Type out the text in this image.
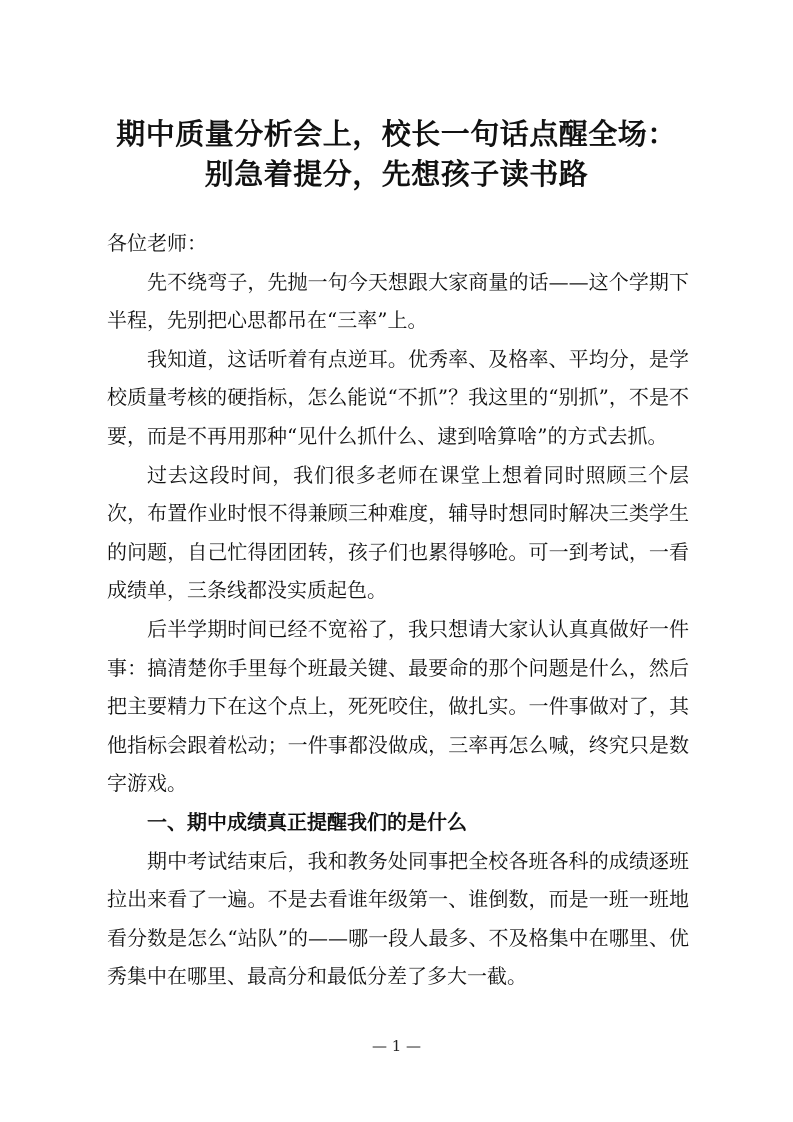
期中质量分析会上，校长一句话点醒全场：
别急着提分，先想孩子读书路

各位老师：

先不绕弯子，先抛一句今天想跟大家商量的话——这个学期下半程，先别把心思都吊在“三率”上。

我知道，这话听着有点逆耳。优秀率、及格率、平均分，是学校质量考核的硬指标，怎么能说“不抓”？我这里的“别抓”，不是不要，而是不再用那种“见什么抓什么、逮到啥算啥”的方式去抓。

过去这段时间，我们很多老师在课堂上想着同时照顾三个层次，布置作业时恨不得兼顾三种难度，辅导时想同时解决三类学生的问题，自己忙得团团转，孩子们也累得够呛。可一到考试，一看成绩单，三条线都没实质起色。

后半学期时间已经不宽裕了，我只想请大家认认真真做好一件事：搞清楚你手里每个班最关键、最要命的那个问题是什么，然后把主要精力下在这个点上，死死咬住，做扎实。一件事做对了，其他指标会跟着松动；一件事都没做成，三率再怎么喊，终究只是数字游戏。

一、期中成绩真正提醒我们的是什么

期中考试结束后，我和教务处同事把全校各班各科的成绩逐班拉出来看了一遍。不是去看谁年级第一、谁倒数，而是一班一班地看分数是怎么“站队”的——哪一段人最多、不及格集中在哪里、优秀集中在哪里、最高分和最低分差了多大一截。

— 1 —
